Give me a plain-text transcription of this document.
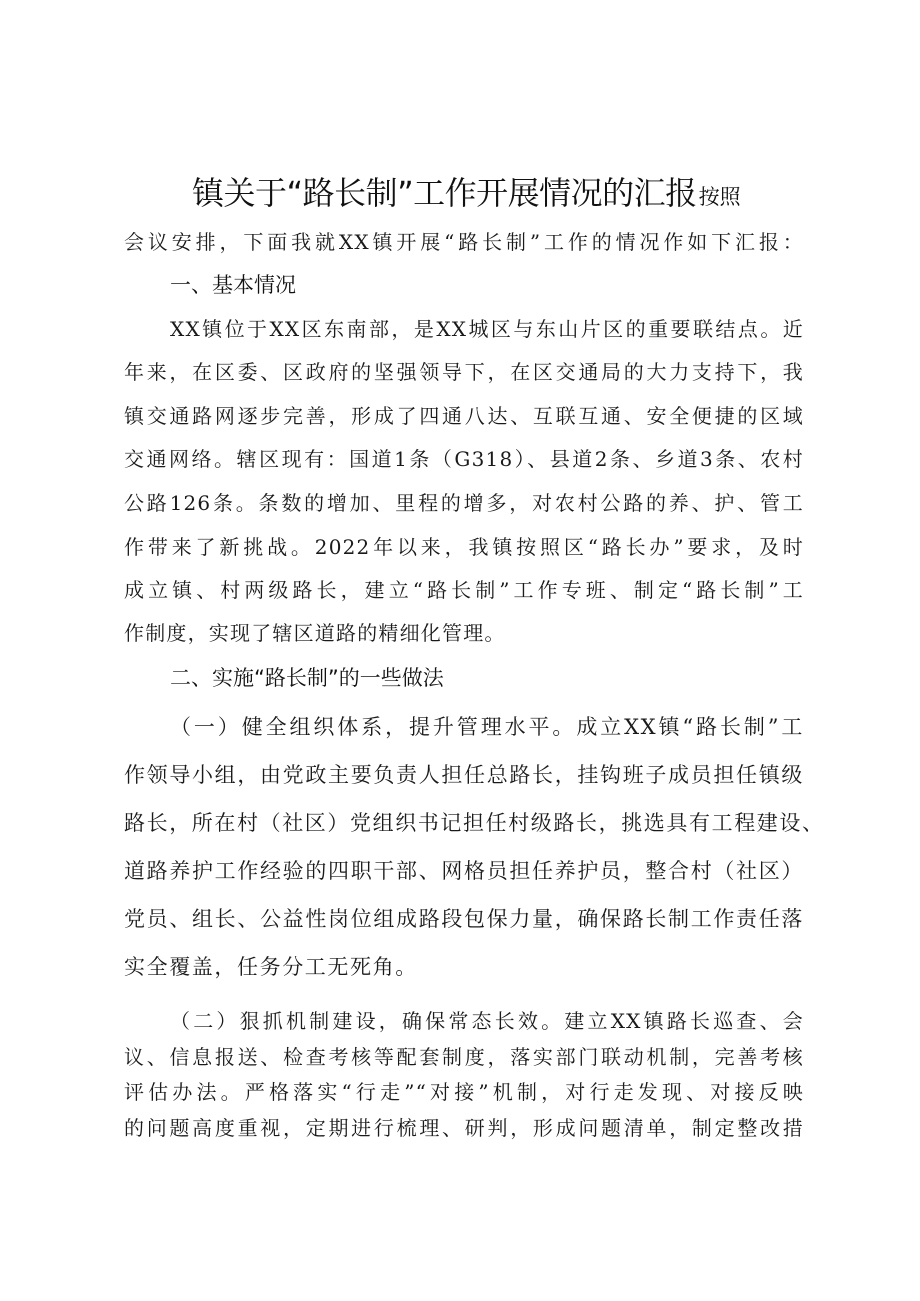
镇关于“路长制”工作开展情况的汇报按照
会议安排，下面我就XX镇开展“路长制”工作的情况作如下汇报：
一、基本情况
XX镇位于XX区东南部，是XX城区与东山片区的重要联结点。近
年来，在区委、区政府的坚强领导下，在区交通局的大力支持下，我
镇交通路网逐步完善，形成了四通八达、互联互通、安全便捷的区域
交通网络。辖区现有：国道1条（G318）、县道2条、乡道3条、农村
公路126条。条数的增加、里程的增多，对农村公路的养、护、管工
作带来了新挑战。2022年以来，我镇按照区“路长办”要求，及时
成立镇、村两级路长，建立“路长制”工作专班、制定“路长制”工
作制度，实现了辖区道路的精细化管理。
二、实施“路长制”的一些做法
（一）健全组织体系，提升管理水平。成立XX镇“路长制”工
作领导小组，由党政主要负责人担任总路长，挂钩班子成员担任镇级
路长，所在村（社区）党组织书记担任村级路长，挑选具有工程建设、
道路养护工作经验的四职干部、网格员担任养护员，整合村（社区）
党员、组长、公益性岗位组成路段包保力量，确保路长制工作责任落
实全覆盖，任务分工无死角。
（二）狠抓机制建设，确保常态长效。建立XX镇路长巡查、会
议、信息报送、检查考核等配套制度，落实部门联动机制，完善考核
评估办法。严格落实“行走”“对接”机制，对行走发现、对接反映
的问题高度重视，定期进行梳理、研判，形成问题清单，制定整改措
